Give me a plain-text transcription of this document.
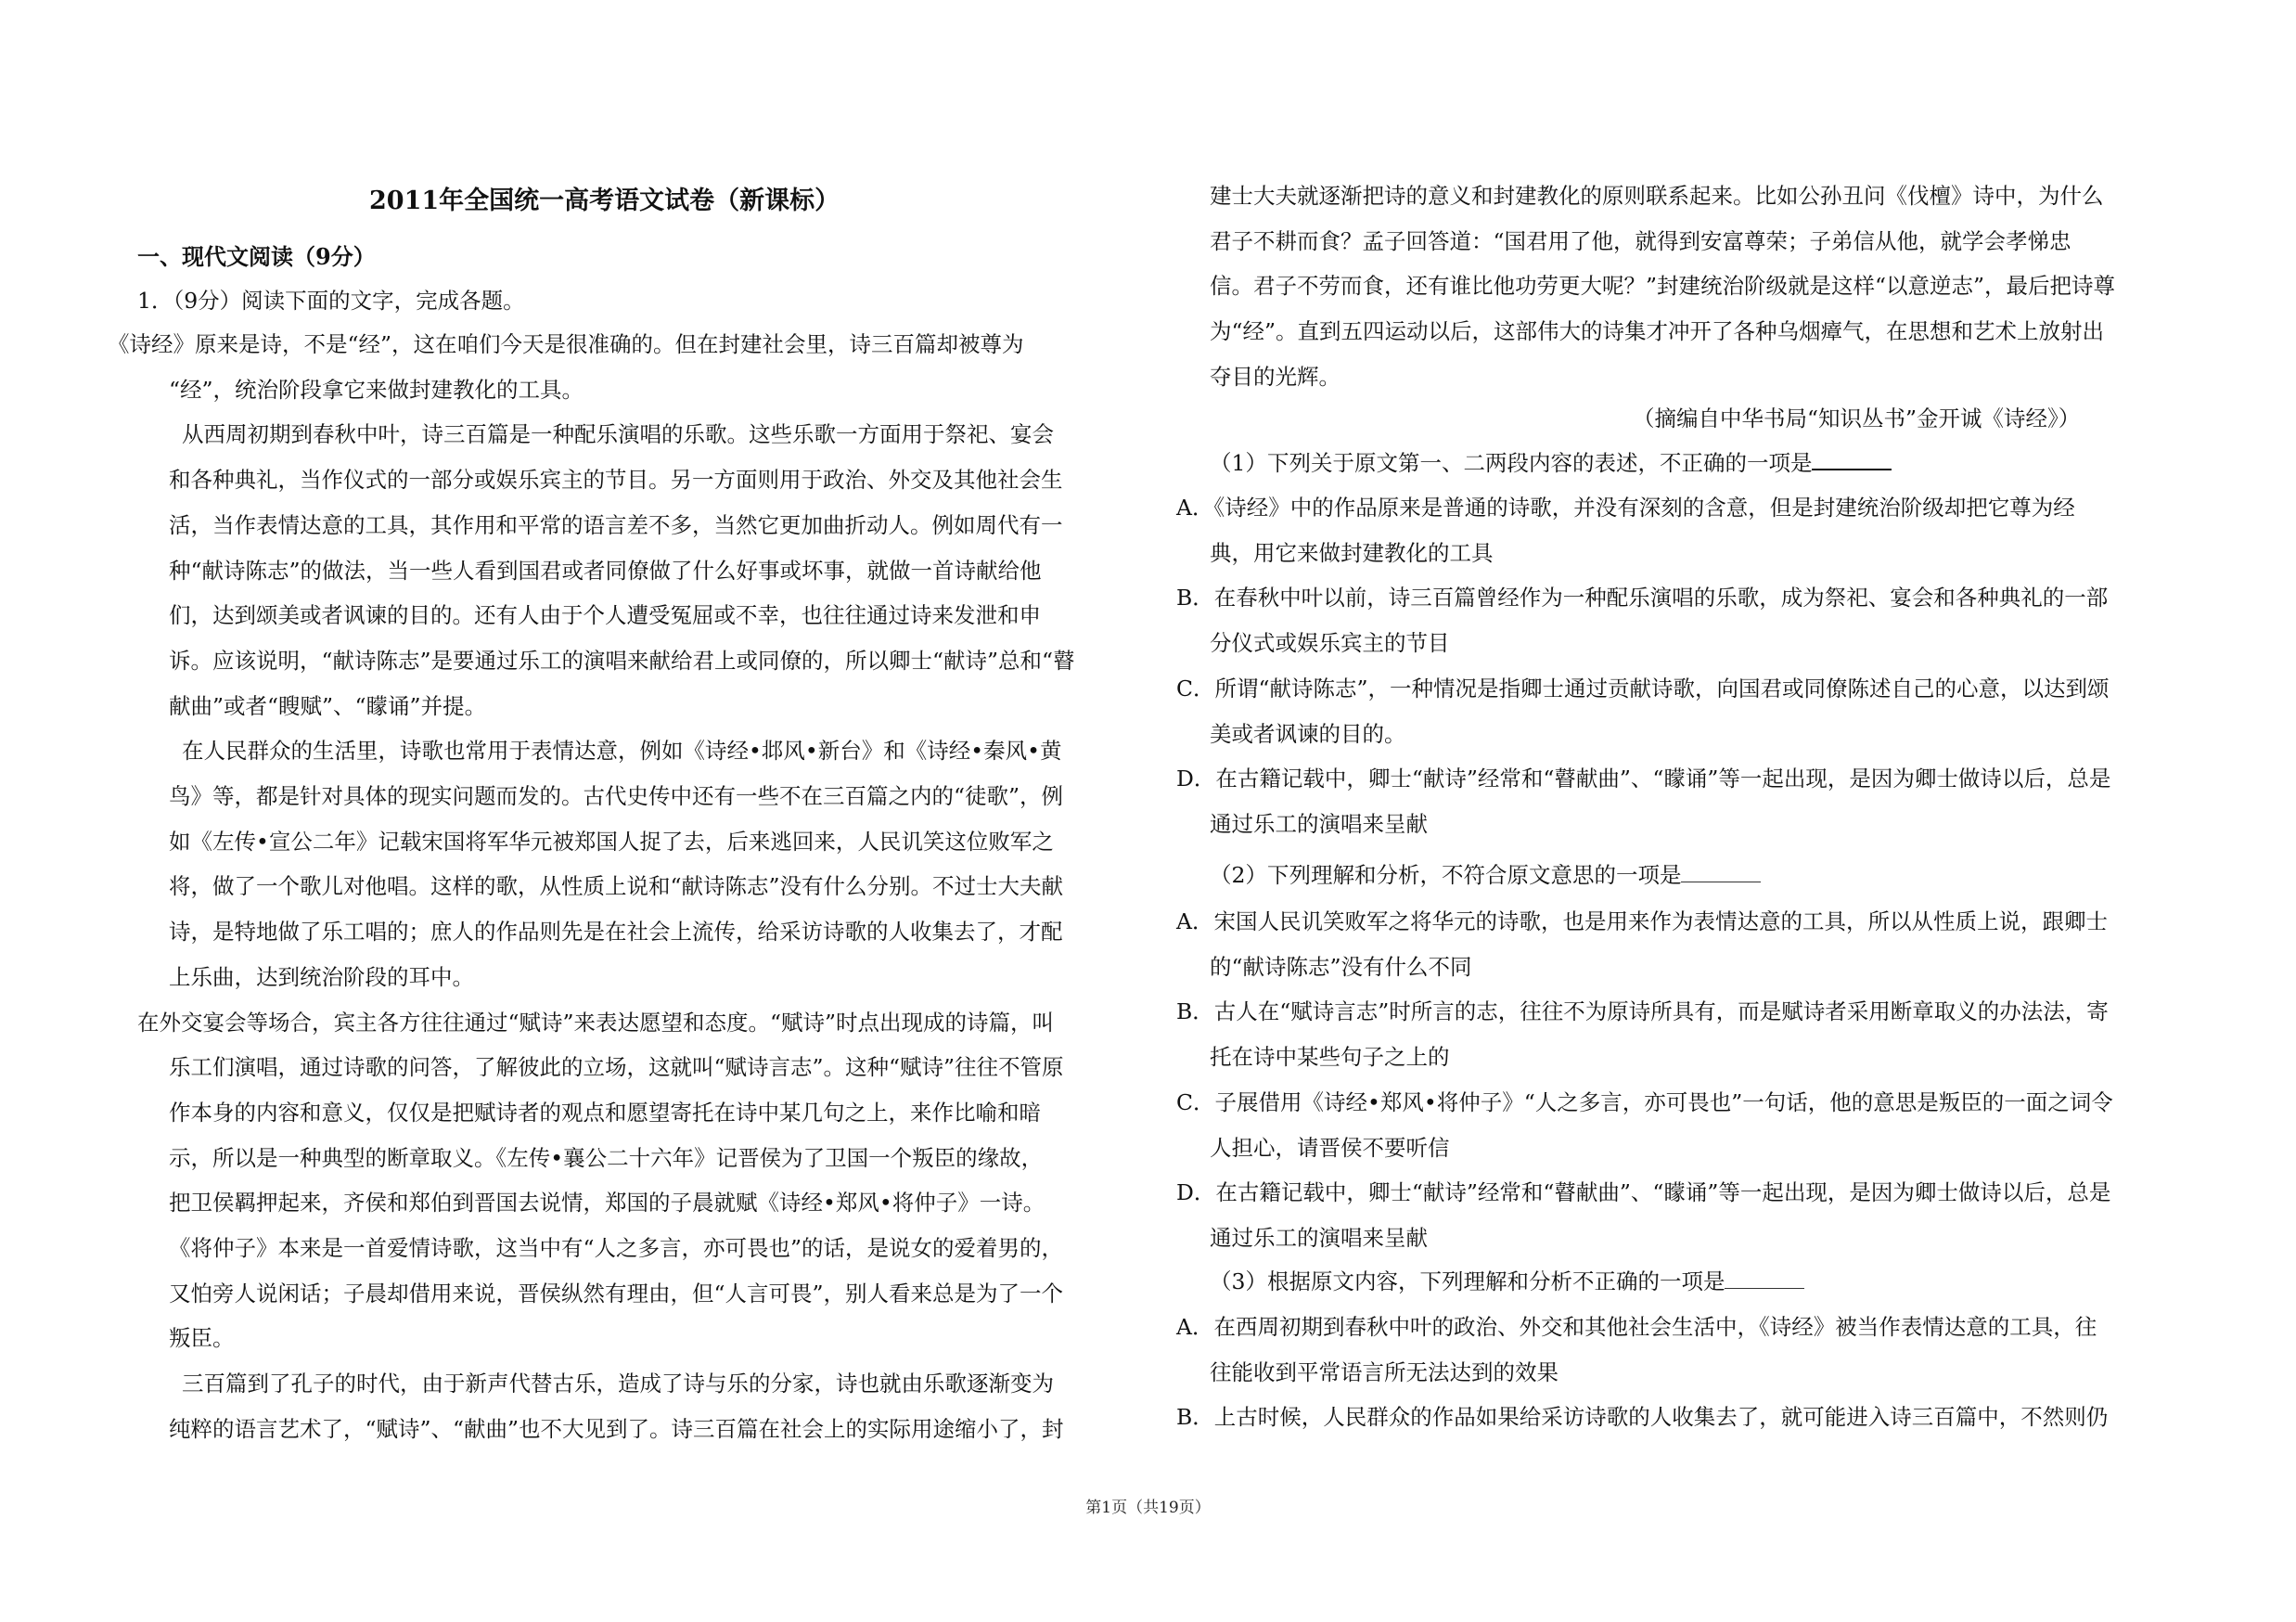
2011年全国统一高考语文试卷（新课标）
一、现代文阅读（9分）
1．（9分）阅读下面的文字，完成各题。
《诗经》原来是诗，不是“经”，这在咱们今天是很准确的。但在封建社会里，诗三百篇却被尊为
“经”，统治阶段拿它来做封建教化的工具。
从西周初期到春秋中叶，诗三百篇是一种配乐演唱的乐歌。这些乐歌一方面用于祭祀、宴会
和各种典礼，当作仪式的一部分或娱乐宾主的节目。另一方面则用于政治、外交及其他社会生
活，当作表情达意的工具，其作用和平常的语言差不多，当然它更加曲折动人。例如周代有一
种“献诗陈志”的做法，当一些人看到国君或者同僚做了什么好事或坏事，就做一首诗献给他
们，达到颂美或者讽谏的目的。还有人由于个人遭受冤屈或不幸，也往往通过诗来发泄和申
诉。应该说明，“献诗陈志”是要通过乐工的演唱来献给君上或同僚的，所以卿士“献诗”总和“瞽
献曲”或者“瞍赋”、“矇诵”并提。
在人民群众的生活里，诗歌也常用于表情达意，例如《诗经•邶风•新台》和《诗经•秦风•黄
鸟》等，都是针对具体的现实问题而发的。古代史传中还有一些不在三百篇之内的“徒歌”，例
如《左传•宣公二年》记载宋国将军华元被郑国人捉了去，后来逃回来，人民讥笑这位败军之
将，做了一个歌儿对他唱。这样的歌，从性质上说和“献诗陈志”没有什么分别。不过士大夫献
诗，是特地做了乐工唱的；庶人的作品则先是在社会上流传，给采访诗歌的人收集去了，才配
上乐曲，达到统治阶段的耳中。
在外交宴会等场合，宾主各方往往通过“赋诗”来表达愿望和态度。“赋诗”时点出现成的诗篇，叫
乐工们演唱，通过诗歌的问答，了解彼此的立场，这就叫“赋诗言志”。这种“赋诗”往往不管原
作本身的内容和意义，仅仅是把赋诗者的观点和愿望寄托在诗中某几句之上，来作比喻和暗
示，所以是一种典型的断章取义。《左传•襄公二十六年》记晋侯为了卫国一个叛臣的缘故，
把卫侯羁押起来，齐侯和郑伯到晋国去说情，郑国的子晨就赋《诗经•郑风•将仲子》一诗。
《将仲子》本来是一首爱情诗歌，这当中有“人之多言，亦可畏也”的话，是说女的爱着男的，
又怕旁人说闲话；子晨却借用来说，晋侯纵然有理由，但“人言可畏”，别人看来总是为了一个
叛臣。
三百篇到了孔子的时代，由于新声代替古乐，造成了诗与乐的分家，诗也就由乐歌逐渐变为
纯粹的语言艺术了，“赋诗”、“献曲”也不大见到了。诗三百篇在社会上的实际用途缩小了，封
建士大夫就逐渐把诗的意义和封建教化的原则联系起来。比如公孙丑问《伐檀》诗中，为什么
君子不耕而食？孟子回答道：“国君用了他，就得到安富尊荣；子弟信从他，就学会孝悌忠
信。君子不劳而食，还有谁比他功劳更大呢？”封建统治阶级就是这样“以意逆志”，最后把诗尊
为“经”。直到五四运动以后，这部伟大的诗集才冲开了各种乌烟瘴气，在思想和艺术上放射出
夺目的光辉。
（摘编自中华书局“知识丛书”金开诚《诗经》）
（1）下列关于原文第一、二两段内容的表述，不正确的一项是
A．《诗经》中的作品原来是普通的诗歌，并没有深刻的含意，但是封建统治阶级却把它尊为经
典，用它来做封建教化的工具
B．在春秋中叶以前，诗三百篇曾经作为一种配乐演唱的乐歌，成为祭祀、宴会和各种典礼的一部
分仪式或娱乐宾主的节目
C．所谓“献诗陈志”，一种情况是指卿士通过贡献诗歌，向国君或同僚陈述自己的心意，以达到颂
美或者讽谏的目的。
D．在古籍记载中，卿士“献诗”经常和“瞽献曲”、“矇诵”等一起出现，是因为卿士做诗以后，总是
通过乐工的演唱来呈献
（2）下列理解和分析，不符合原文意思的一项是
A．宋国人民讥笑败军之将华元的诗歌，也是用来作为表情达意的工具，所以从性质上说，跟卿士
的“献诗陈志”没有什么不同
B．古人在“赋诗言志”时所言的志，往往不为原诗所具有，而是赋诗者采用断章取义的办法法，寄
托在诗中某些句子之上的
C．子展借用《诗经•郑风•将仲子》“人之多言，亦可畏也”一句话，他的意思是叛臣的一面之词令
人担心，请晋侯不要听信
D．在古籍记载中，卿士“献诗”经常和“瞽献曲”、“矇诵”等一起出现，是因为卿士做诗以后，总是
通过乐工的演唱来呈献
（3）根据原文内容，下列理解和分析不正确的一项是
A．在西周初期到春秋中叶的政治、外交和其他社会生活中，《诗经》被当作表情达意的工具，往
往能收到平常语言所无法达到的效果
B．上古时候，人民群众的作品如果给采访诗歌的人收集去了，就可能进入诗三百篇中，不然则仍
第1页（共19页）
